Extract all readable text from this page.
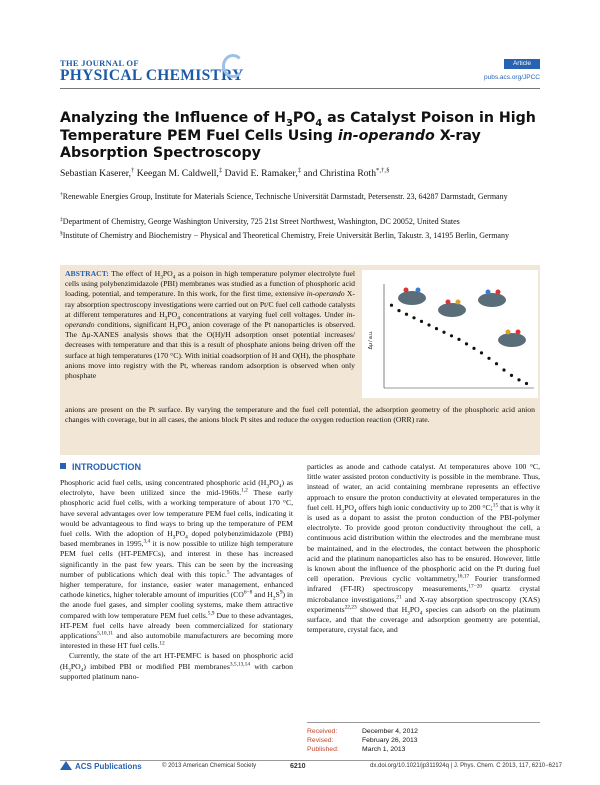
THE JOURNAL OF
PHYSICAL CHEMISTRY
Article
pubs.acs.org/JPCC
Analyzing the Influence of $H_3PO_4$ as Catalyst Poison in High Temperature PEM Fuel Cells Using in-operando X-ray Absorption Spectroscopy
Sebastian Kaserer,† Keegan M. Caldwell,‡ David E. Ramaker,‡ and Christina Roth*,†,§
†Renewable Energies Group, Institute for Materials Science, Technische Universität Darmstadt, Petersenstr. 23, 64287 Darmstadt, Germany
‡Department of Chemistry, George Washington University, 725 21st Street Northwest, Washington, DC 20052, United States
§Institute of Chemistry and Biochemistry − Physical and Theoretical Chemistry, Freie Universität Berlin, Takustr. 3, 14195 Berlin, Germany
ABSTRACT: The effect of $H_3PO_4$ as a poison in high temperature polymer electrolyte fuel cells using polybenzimidazole (PBI) membranes was studied as a function of phosphoric acid loading, potential, and temperature. In this work, for the first time, extensive in-operando X-ray absorption spectroscopy investigations were carried out on Pt/C fuel cell cathode catalysts at different temperatures and $H_3PO_4$ concentrations at varying fuel cell voltages. Under in-operando conditions, significant $H_3PO_4$ anion coverage of the Pt nanoparticles is observed. The Δμ-XANES analysis shows that the O(H)/H adsorption onset potential increases/ decreases with temperature and that this is a result of phosphate anions being driven off the surface at high temperatures (170 °C). With initial coadsorption of H and O(H), the phosphate anions move into registry with the Pt, whereas random adsorption is observed when only phosphate
Δμ / a.u.
anions are present on the Pt surface. By varying the temperature and the fuel cell potential, the adsorption geometry of the phosphoric acid anion changes with coverage, but in all cases, the anions block Pt sites and reduce the oxygen reduction reaction (ORR) rate.
INTRODUCTION

Phosphoric acid fuel cells, using concentrated phosphoric acid $(H_3PO_4)$ as electrolyte, have been utilized since the mid-1960s.$^{1,2}$ These early phosphoric acid fuel cells, with a working temperature of about 170 °C, have several advantages over low temperature PEM fuel cells, indicating it would be advantageous to find ways to bring up the temperature of PEM fuel cells. With the adoption of $H_3PO_4$ doped polybenzimidazole (PBI) based membranes in 1995,$^{3,4}$ it is now possible to utilize high temperature PEM fuel cells (HT-PEMFCs), and interest in these has increased significantly in the past few years. This can be seen by the increasing number of publications which deal with this topic.$^5$ The advantages of higher temperature, for instance, easier water management, enhanced cathode kinetics, higher tolerable amount of impurities ($CO^{6-8}$ and $H_2S^9$) in the anode fuel gases, and simpler cooling systems, make them attractive compared with low temperature PEM fuel cells.$^{5,9}$ Due to these advantages, HT-PEM fuel cells have already been commercialized for stationary applications$^{5,10,11}$ and also automobile manufacturers are becoming more interested in these HT fuel cells.$^{12}$

Currently, the state of the art HT-PEMFC is based on phosphoric acid $(H_3PO_4)$ imbibed PBI or modified PBI membranes$^{3,5,13,14}$ with carbon supported platinum nano-

particles as anode and cathode catalyst. At temperatures above 100 °C, little water assisted proton conductivity is possible in the membrane. Thus, instead of water, an acid containing membrane represents an effective approach to ensure the proton conductivity at elevated temperatures in the fuel cell. $H_3PO_4$ offers high ionic conductivity up to 200 °C;$^{15}$ that is why it is used as a dopant to assist the proton conduction of the PBI-polymer electrolyte. To provide good proton conductivity throughout the cell, a continuous acid distribution within the electrodes and the membrane must be maintained, and in the electrodes, the contact between the phosphoric acid and the platinum nanoparticles also has to be ensured. However, little is known about the influence of the phosphoric acid on the Pt during fuel cell operation. Previous cyclic voltammetry,$^{16,17}$ Fourier transformed infrared (FT-IR) spectroscopy measurements,$^{17-20}$ quartz crystal microbalance investigations,$^{21}$ and X-ray absorption spectroscopy (XAS) experiments$^{22,23}$ showed that $H_3PO_4$ species can adsorb on the platinum surface, and that the coverage and adsorption geometry are potential, temperature, crystal face, and

Received:	December 4, 2012
Revised:	February 26, 2013
Published:	March 1, 2013
ACS Publications	© 2013 American Chemical Society	6210	dx.doi.org/10.1021/jp311924q | J. Phys. Chem. C 2013, 117, 6210−6217
